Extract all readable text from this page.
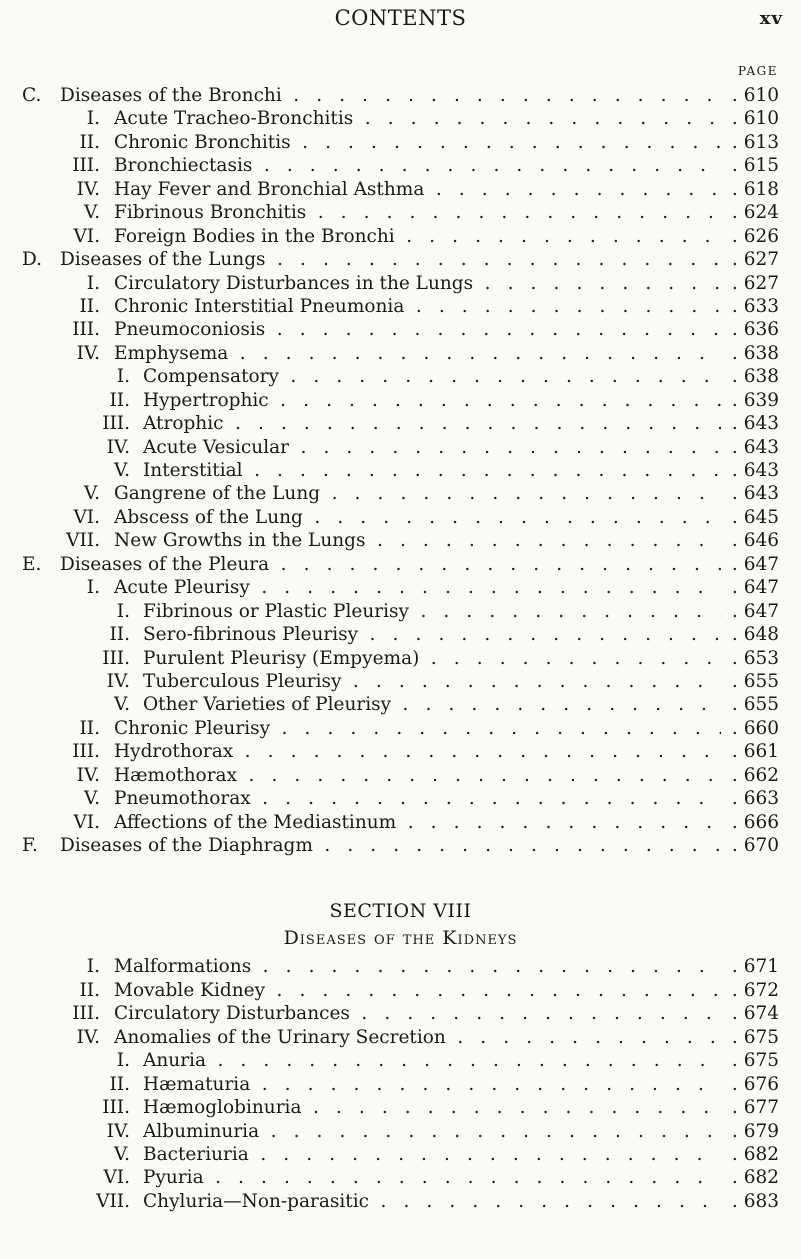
CONTENTS	xv
PAGE
C. Diseases of the Bronchi . . .	. 610
I. Acute Tracheo-Bronchitis . . .	. 610
II. Chronic Bronchitis . . .	. 613
III. Bronchiectasis . . .	. 615
IV. Hay Fever and Bronchial Asthma . . .	. 618
V. Fibrinous Bronchitis . . .	. 624
VI. Foreign Bodies in the Bronchi . . .	. 626
D. Diseases of the Lungs . . .	. 627
I. Circulatory Disturbances in the Lungs . . .	. 627
II. Chronic Interstitial Pneumonia . . .	. 633
III. Pneumoconiosis . . .	. 636
IV. Emphysema . . .	. 638
I. Compensatory . . .	. 638
II. Hypertrophic . . .	. 639
III. Atrophic . . .	. 643
IV. Acute Vesicular . . .	. 643
V. Interstitial . . .	. 643
V. Gangrene of the Lung . . .	. 643
VI. Abscess of the Lung . . .	. 645
VII. New Growths in the Lungs . . .	. 646
E. Diseases of the Pleura . . .	. 647
I. Acute Pleurisy . . .	. 647
I. Fibrinous or Plastic Pleurisy . . .	. 647
II. Sero-fibrinous Pleurisy . . .	. 648
III. Purulent Pleurisy (Empyema) . . .	. 653
IV. Tuberculous Pleurisy . . .	. 655
V. Other Varieties of Pleurisy . . .	. 655
II. Chronic Pleurisy . . .	. 660
III. Hydrothorax . . .	. 661
IV. Hæmothorax . . .	. 662
V. Pneumothorax . . .	. 663
VI. Affections of the Mediastinum . . .	. 666
F. Diseases of the Diaphragm . . .	. 670
SECTION VIII
Diseases of the Kidneys
I. Malformations . . .	. 671
II. Movable Kidney . . .	. 672
III. Circulatory Disturbances . . .	. 674
IV. Anomalies of the Urinary Secretion . . .	. 675
I. Anuria . . .	. 675
II. Hæmaturia . . .	. 676
III. Hæmoglobinuria . . .	. 677
IV. Albuminuria . . .	. 679
V. Bacteriuria . . .	. 682
VI. Pyuria . . .	. 682
VII. Chyluria—Non-parasitic . . .	. 683
